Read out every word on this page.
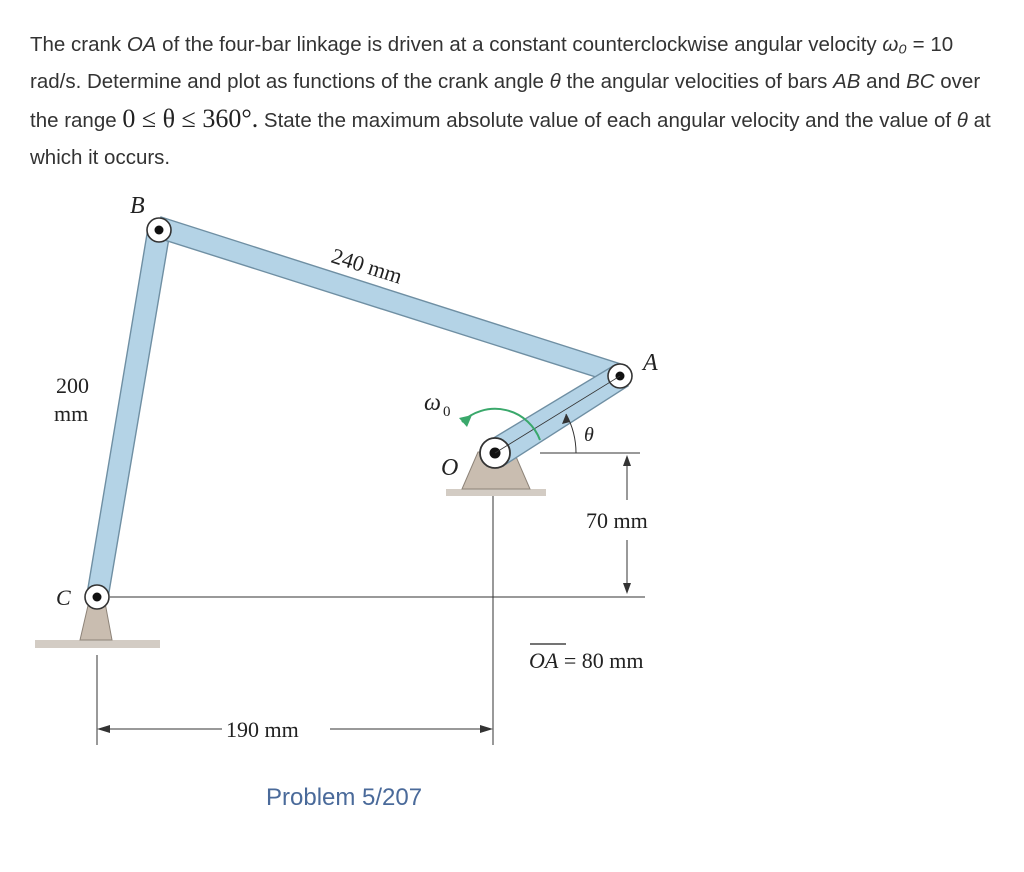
The crank OA of the four-bar linkage is driven at a constant counterclockwise angular velocity ω₀ = 10 rad/s. Determine and plot as functions of the crank angle θ the angular velocities of bars AB and BC over the range 0 ≤ θ ≤ 360°. State the maximum absolute value of each angular velocity and the value of θ at which it occurs.
B
A
C
O
ω 0
θ
240 mm
200
mm
70 mm
190 mm
OA = 80 mm
Problem 5/207
